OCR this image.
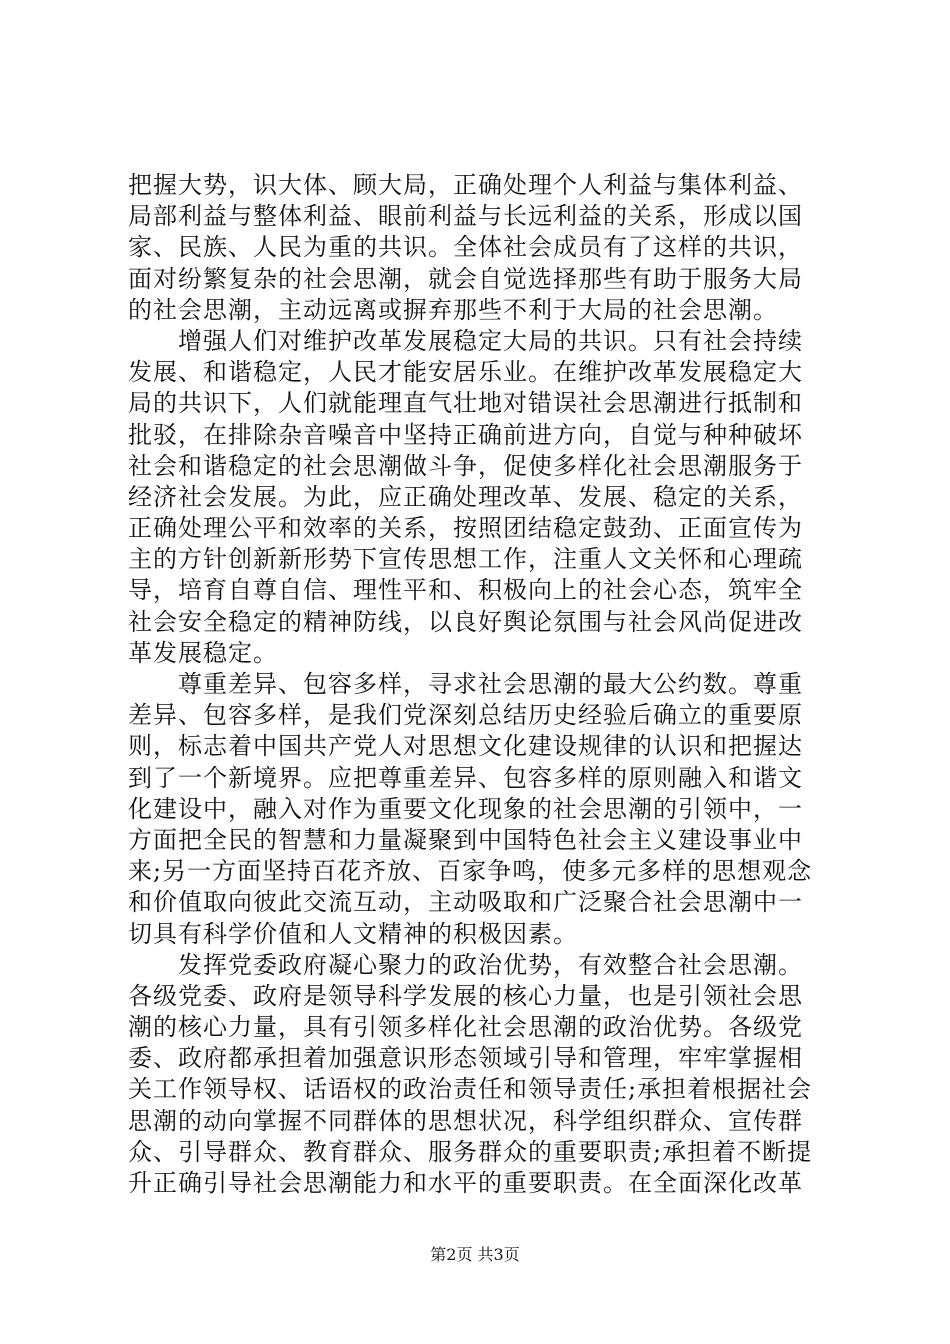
把握大势，识大体、顾大局，正确处理个人利益与集体利益、
局部利益与整体利益、眼前利益与长远利益的关系，形成以国
家、民族、人民为重的共识。全体社会成员有了这样的共识，
面对纷繁复杂的社会思潮，就会自觉选择那些有助于服务大局
的社会思潮，主动远离或摒弃那些不利于大局的社会思潮。
　　增强人们对维护改革发展稳定大局的共识。只有社会持续
发展、和谐稳定，人民才能安居乐业。在维护改革发展稳定大
局的共识下，人们就能理直气壮地对错误社会思潮进行抵制和
批驳，在排除杂音噪音中坚持正确前进方向，自觉与种种破坏
社会和谐稳定的社会思潮做斗争，促使多样化社会思潮服务于
经济社会发展。为此，应正确处理改革、发展、稳定的关系，
正确处理公平和效率的关系，按照团结稳定鼓劲、正面宣传为
主的方针创新新形势下宣传思想工作，注重人文关怀和心理疏
导，培育自尊自信、理性平和、积极向上的社会心态，筑牢全
社会安全稳定的精神防线，以良好舆论氛围与社会风尚促进改
革发展稳定。
　　尊重差异、包容多样，寻求社会思潮的最大公约数。尊重
差异、包容多样，是我们党深刻总结历史经验后确立的重要原
则，标志着中国共产党人对思想文化建设规律的认识和把握达
到了一个新境界。应把尊重差异、包容多样的原则融入和谐文
化建设中，融入对作为重要文化现象的社会思潮的引领中，一
方面把全民的智慧和力量凝聚到中国特色社会主义建设事业中
来;另一方面坚持百花齐放、百家争鸣，使多元多样的思想观念
和价值取向彼此交流互动，主动吸取和广泛聚合社会思潮中一
切具有科学价值和人文精神的积极因素。
　　发挥党委政府凝心聚力的政治优势，有效整合社会思潮。
各级党委、政府是领导科学发展的核心力量，也是引领社会思
潮的核心力量，具有引领多样化社会思潮的政治优势。各级党
委、政府都承担着加强意识形态领域引导和管理，牢牢掌握相
关工作领导权、话语权的政治责任和领导责任;承担着根据社会
思潮的动向掌握不同群体的思想状况，科学组织群众、宣传群
众、引导群众、教育群众、服务群众的重要职责;承担着不断提
升正确引导社会思潮能力和水平的重要职责。在全面深化改革
第2页 共3页
